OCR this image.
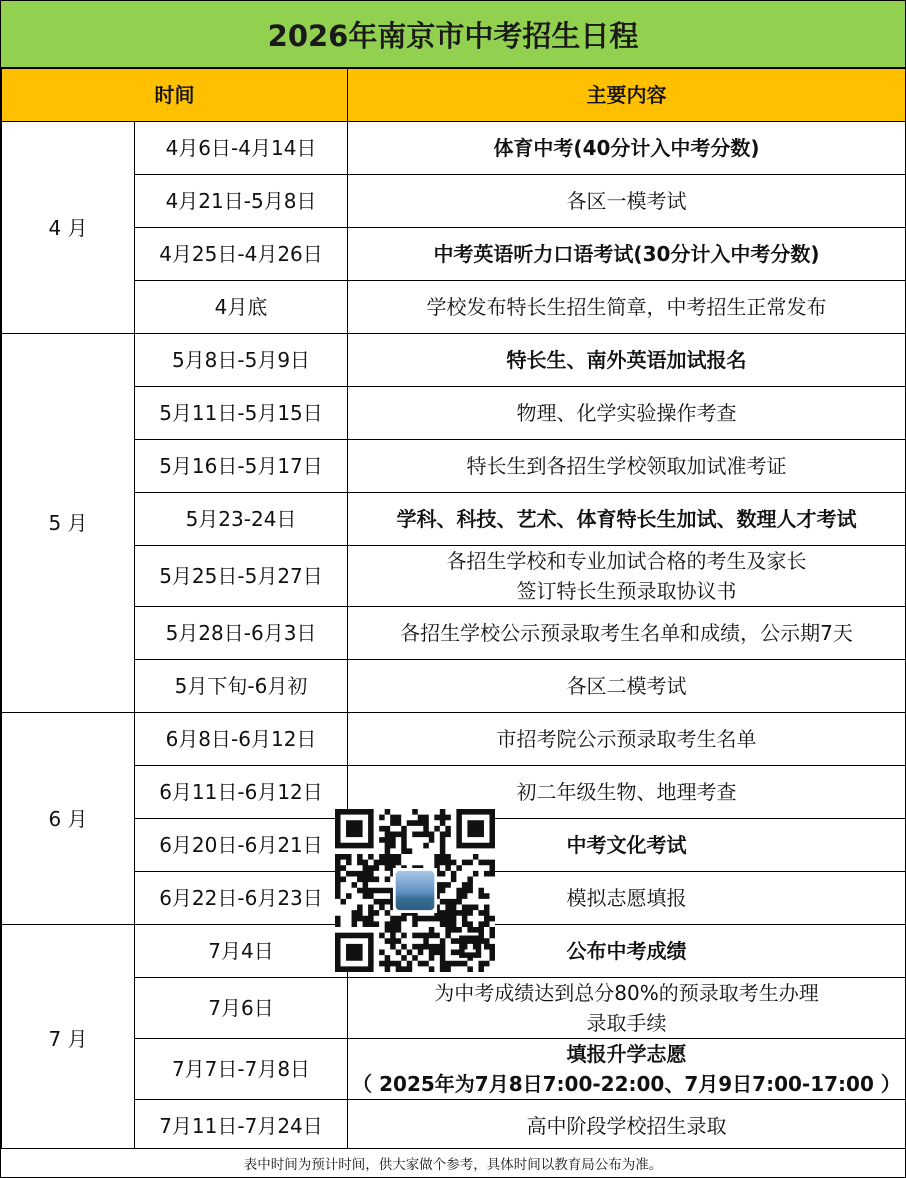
2026年南京市中考招生日程
时间		主要内容
4 月	4月6日-4月14日	体育中考(40分计入中考分数)

	4月21日-5月8日	各区一模考试

	4月25日-4月26日	中考英语听力口语考试(30分计入中考分数)

	4月底	学校发布特长生招生简章，中考招生正常发布

5 月	5月8日-5月9日	特长生、南外英语加试报名

	5月11日-5月15日	物理、化学实验操作考查

	5月16日-5月17日	特长生到各招生学校领取加试准考证

	5月23-24日	学科、科技、艺术、体育特长生加试、数理人才考试

	5月25日-5月27日	各招生学校和专业加试合格的考生及家长
签订特长生预录取协议书

	5月28日-6月3日	各招生学校公示预录取考生名单和成绩，公示期7天

	5月下旬-6月初	各区二模考试

6 月	6月8日-6月12日	市招考院公示预录取考生名单

	6月11日-6月12日	初二年级生物、地理考查

	6月20日-6月21日	中考文化考试

	6月22日-6月23日	模拟志愿填报

7 月	7月4日	公布中考成绩

	7月6日	为中考成绩达到总分80%的预录取考生办理
录取手续

	7月7日-7月8日	填报升学志愿
（ 2025年为7月8日7:00-22:00、7月9日7:00-17:00 ）

	7月11日-7月24日	高中阶段学校招生录取
表中时间为预计时间，供大家做个参考，具体时间以教育局公布为准。
